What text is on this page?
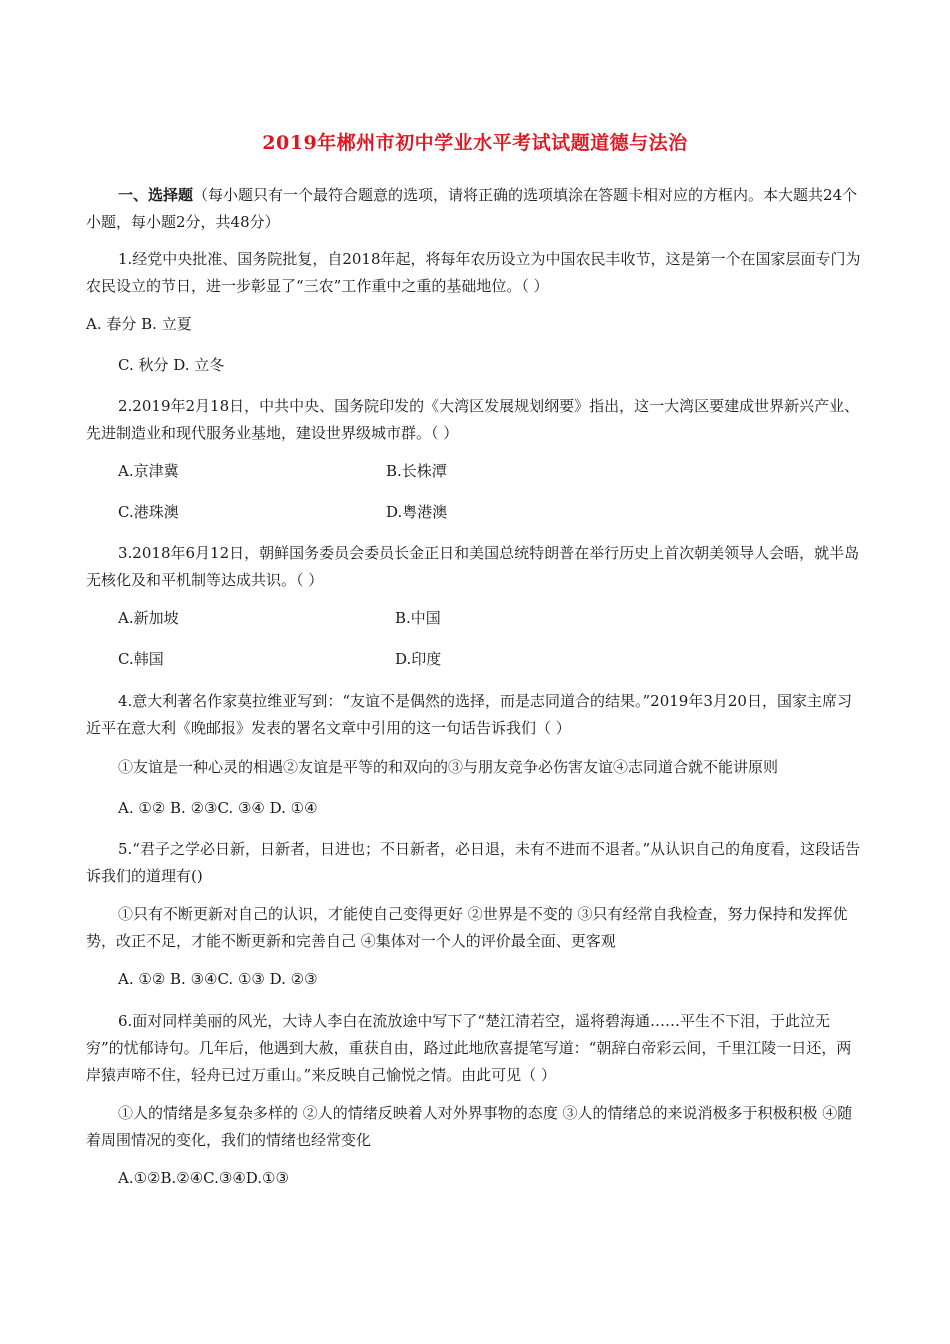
2019年郴州市初中学业水平考试试题道德与法治
一、选择题（每小题只有一个最符合题意的选项，请将正确的选项填涂在答题卡相对应的方框内。本大题共24个小题，每小题2分，共48分）
1.经党中央批准、国务院批复，自2018年起，将每年农历设立为中国农民丰收节，这是第一个在国家层面专门为农民设立的节日，进一步彰显了“三农”工作重中之重的基础地位。（ ）
A. 春分 B. 立夏
C. 秋分 D. 立冬
2.2019年2月18日，中共中央、国务院印发的《大湾区发展规划纲要》指出，这一大湾区要建成世界新兴产业、先进制造业和现代服务业基地，建设世界级城市群。（ ）
A.京津冀	B.长株潭
C.港珠澳	D.粤港澳
3.2018年6月12日，朝鲜国务委员会委员长金正日和美国总统特朗普在举行历史上首次朝美领导人会晤，就半岛无核化及和平机制等达成共识。（ ）
A.新加坡	B.中国
C.韩国	D.印度
4.意大利著名作家莫拉维亚写到：“友谊不是偶然的选择，而是志同道合的结果。”2019年3月20日，国家主席习近平在意大利《晚邮报》发表的署名文章中引用的这一句话告诉我们（ ）
①友谊是一种心灵的相遇②友谊是平等的和双向的③与朋友竞争必伤害友谊④志同道合就不能讲原则
A. ①② B. ②③C. ③④ D. ①④
5.“君子之学必日新，日新者，日进也；不日新者，必日退，未有不进而不退者。”从认识自己的角度看，这段话告诉我们的道理有()
①只有不断更新对自己的认识，才能使自己变得更好 ②世界是不变的 ③只有经常自我检查，努力保持和发挥优势，改正不足，才能不断更新和完善自己 ④集体对一个人的评价最全面、更客观
A. ①② B. ③④C. ①③ D. ②③
6.面对同样美丽的风光，大诗人李白在流放途中写下了“楚江清若空，遥将碧海通……平生不下泪，于此泣无穷”的忧郁诗句。几年后，他遇到大赦，重获自由，路过此地欣喜提笔写道：“朝辞白帝彩云间，千里江陵一日还，两岸猿声啼不住，轻舟已过万重山。”来反映自己愉悦之情。由此可见（ ）
①人的情绪是多复杂多样的 ②人的情绪反映着人对外界事物的态度 ③人的情绪总的来说消极多于积极积极 ④随着周围情况的变化，我们的情绪也经常变化
A.①②B.②④C.③④D.①③
